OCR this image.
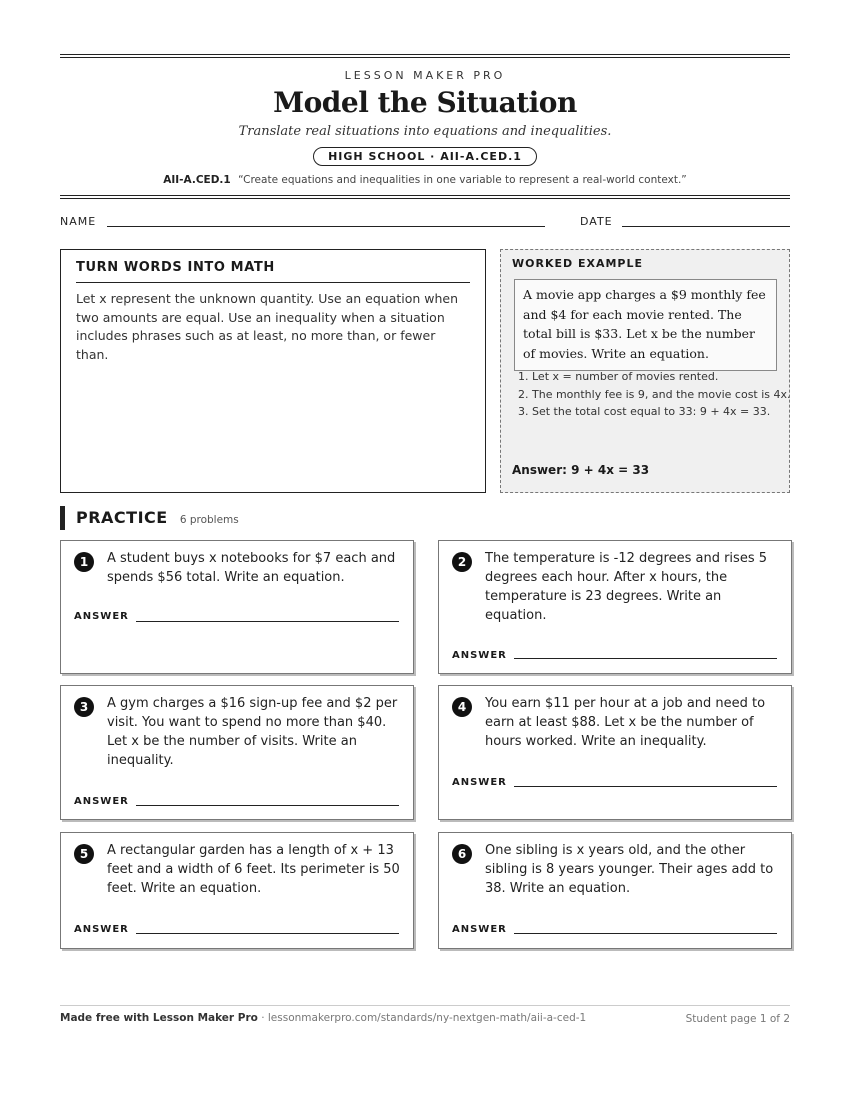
LESSON MAKER PRO
Model the Situation
Translate real situations into equations and inequalities.
HIGH SCHOOL · AII-A.CED.1
AII-A.CED.1 “Create equations and inequalities in one variable to represent a real-world context.”
NAME	DATE
TURN WORDS INTO MATH

Let x represent the unknown quantity. Use an equation when two amounts are equal. Use an inequality when a situation includes phrases such as at least, no more than, or fewer than.

WORKED EXAMPLE
A movie app charges a $9 monthly fee and $4 for each movie rented. The total bill is $33. Let x be the number of movies. Write an equation.
1. Let x = number of movies rented.
2. The monthly fee is 9, and the movie cost is 4x.
3. Set the total cost equal to 33: 9 + 4x = 33.
Answer: 9 + 4x = 33
PRACTICE 6 problems
1	A student buys x notebooks for $7 each and spends $56 total. Write an equation.
ANSWER
2	The temperature is -12 degrees and rises 5 degrees each hour. After x hours, the temperature is 23 degrees. Write an equation.
ANSWER
3	A gym charges a $16 sign-up fee and $2 per visit. You want to spend no more than $40. Let x be the number of visits. Write an inequality.
ANSWER
4	You earn $11 per hour at a job and need to earn at least $88. Let x be the number of hours worked. Write an inequality.
ANSWER
5	A rectangular garden has a length of x + 13 feet and a width of 6 feet. Its perimeter is 50 feet. Write an equation.
ANSWER
6	One sibling is x years old, and the other sibling is 8 years younger. Their ages add to 38. Write an equation.
ANSWER
Made free with Lesson Maker Pro · lessonmakerpro.com/standards/ny-nextgen-math/aii-a-ced-1	Student page 1 of 2
